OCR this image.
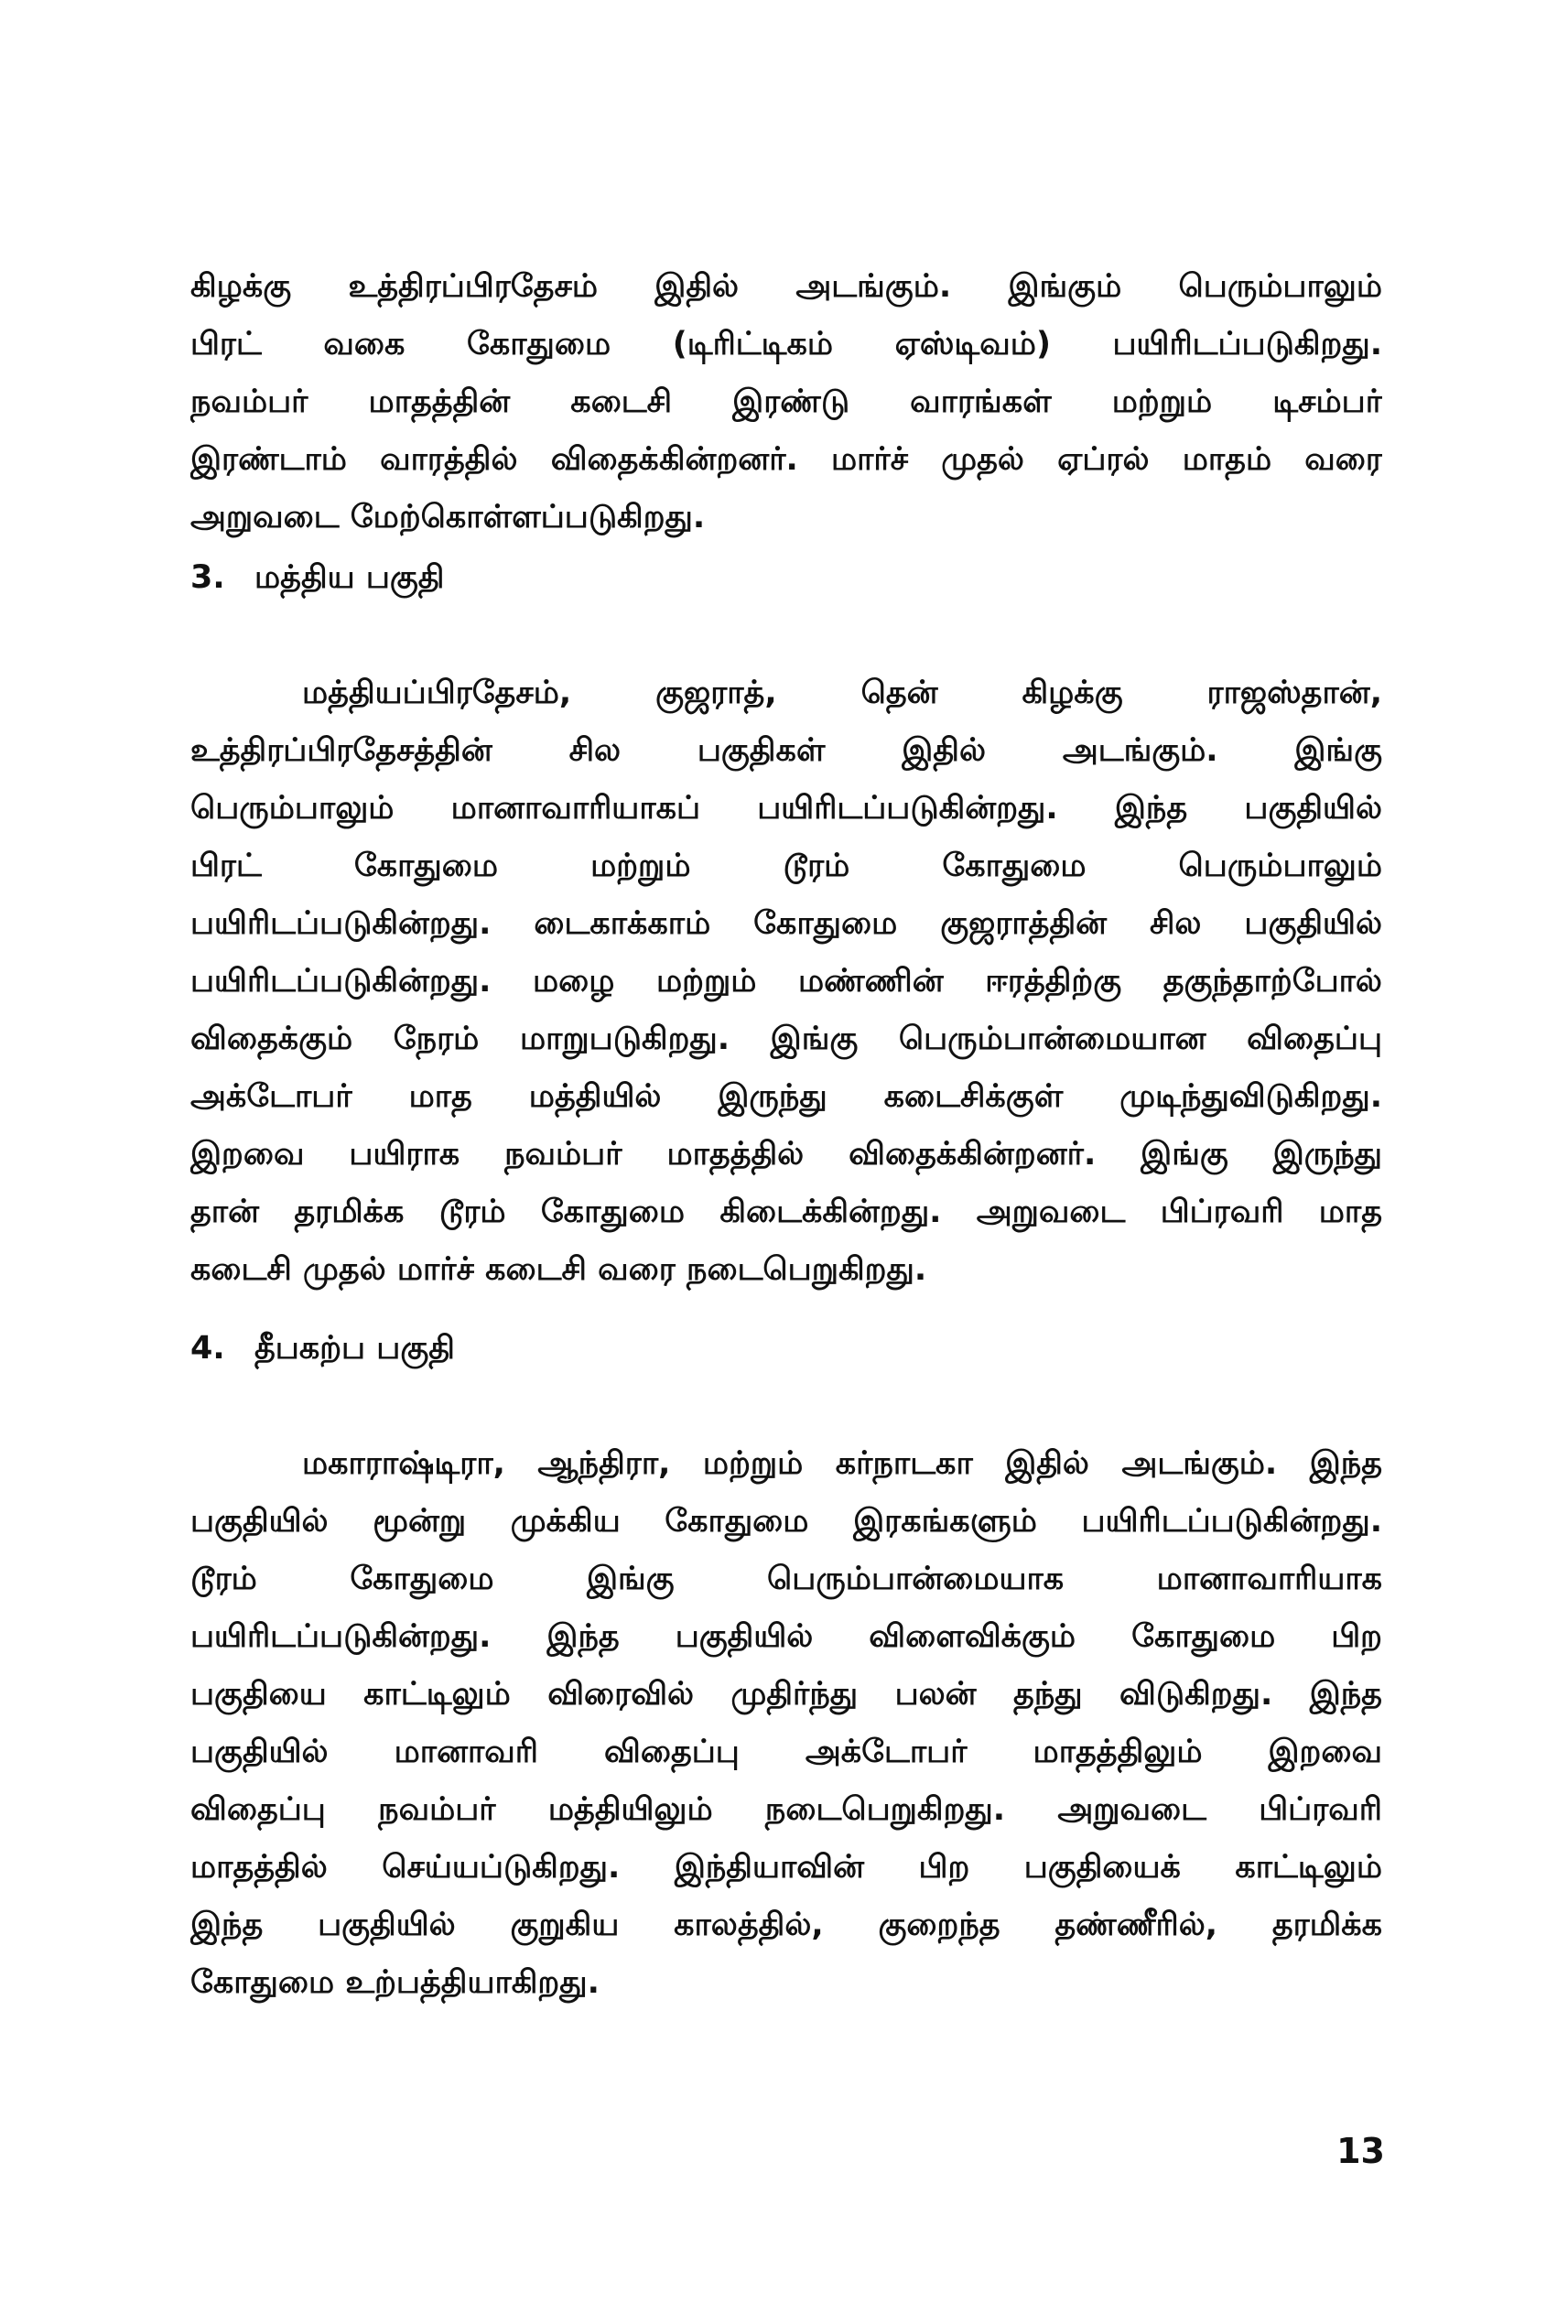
கிழக்கு உத்திரப்பிரதேசம் இதில் அடங்கும். இங்கும் பெரும்பாலும்
பிரட் வகை கோதுமை (டிரிட்டிகம் ஏஸ்டிவம்) பயிரிடப்படுகிறது.
நவம்பர் மாதத்தின் கடைசி இரண்டு வாரங்கள் மற்றும் டிசம்பர்
இரண்டாம் வாரத்தில் விதைக்கின்றனர். மார்ச் முதல் ஏப்ரல் மாதம் வரை
அறுவடை மேற்கொள்ளப்படுகிறது.
3. மத்திய பகுதி
மத்தியப்பிரதேசம், குஜராத், தென் கிழக்கு ராஜஸ்தான்,
உத்திரப்பிரதேசத்தின் சில பகுதிகள் இதில் அடங்கும். இங்கு
பெரும்பாலும் மானாவாரியாகப் பயிரிடப்படுகின்றது. இந்த பகுதியில்
பிரட் கோதுமை மற்றும் டூரம் கோதுமை பெரும்பாலும்
பயிரிடப்படுகின்றது. டைகாக்காம் கோதுமை குஜராத்தின் சில பகுதியில்
பயிரிடப்படுகின்றது. மழை மற்றும் மண்ணின் ஈரத்திற்கு தகுந்தாற்போல்
விதைக்கும் நேரம் மாறுபடுகிறது. இங்கு பெரும்பான்மையான விதைப்பு
அக்டோபர் மாத மத்தியில் இருந்து கடைசிக்குள் முடிந்துவிடுகிறது.
இறவை பயிராக நவம்பர் மாதத்தில் விதைக்கின்றனர். இங்கு இருந்து
தான் தரமிக்க டூரம் கோதுமை கிடைக்கின்றது. அறுவடை பிப்ரவரி மாத
கடைசி முதல் மார்ச் கடைசி வரை நடைபெறுகிறது.
4. தீபகற்ப பகுதி
மகாராஷ்டிரா, ஆந்திரா, மற்றும் கர்நாடகா இதில் அடங்கும். இந்த
பகுதியில் மூன்று முக்கிய கோதுமை இரகங்களும் பயிரிடப்படுகின்றது.
டூரம் கோதுமை இங்கு பெரும்பான்மையாக மானாவாரியாக
பயிரிடப்படுகின்றது. இந்த பகுதியில் விளைவிக்கும் கோதுமை பிற
பகுதியை காட்டிலும் விரைவில் முதிர்ந்து பலன் தந்து விடுகிறது. இந்த
பகுதியில் மானாவரி விதைப்பு அக்டோபர் மாதத்திலும் இறவை
விதைப்பு நவம்பர் மத்தியிலும் நடைபெறுகிறது. அறுவடை பிப்ரவரி
மாதத்தில் செய்யப்டுகிறது. இந்தியாவின் பிற பகுதியைக் காட்டிலும்
இந்த பகுதியில் குறுகிய காலத்தில், குறைந்த தண்ணீரில், தரமிக்க
கோதுமை உற்பத்தியாகிறது.
13
